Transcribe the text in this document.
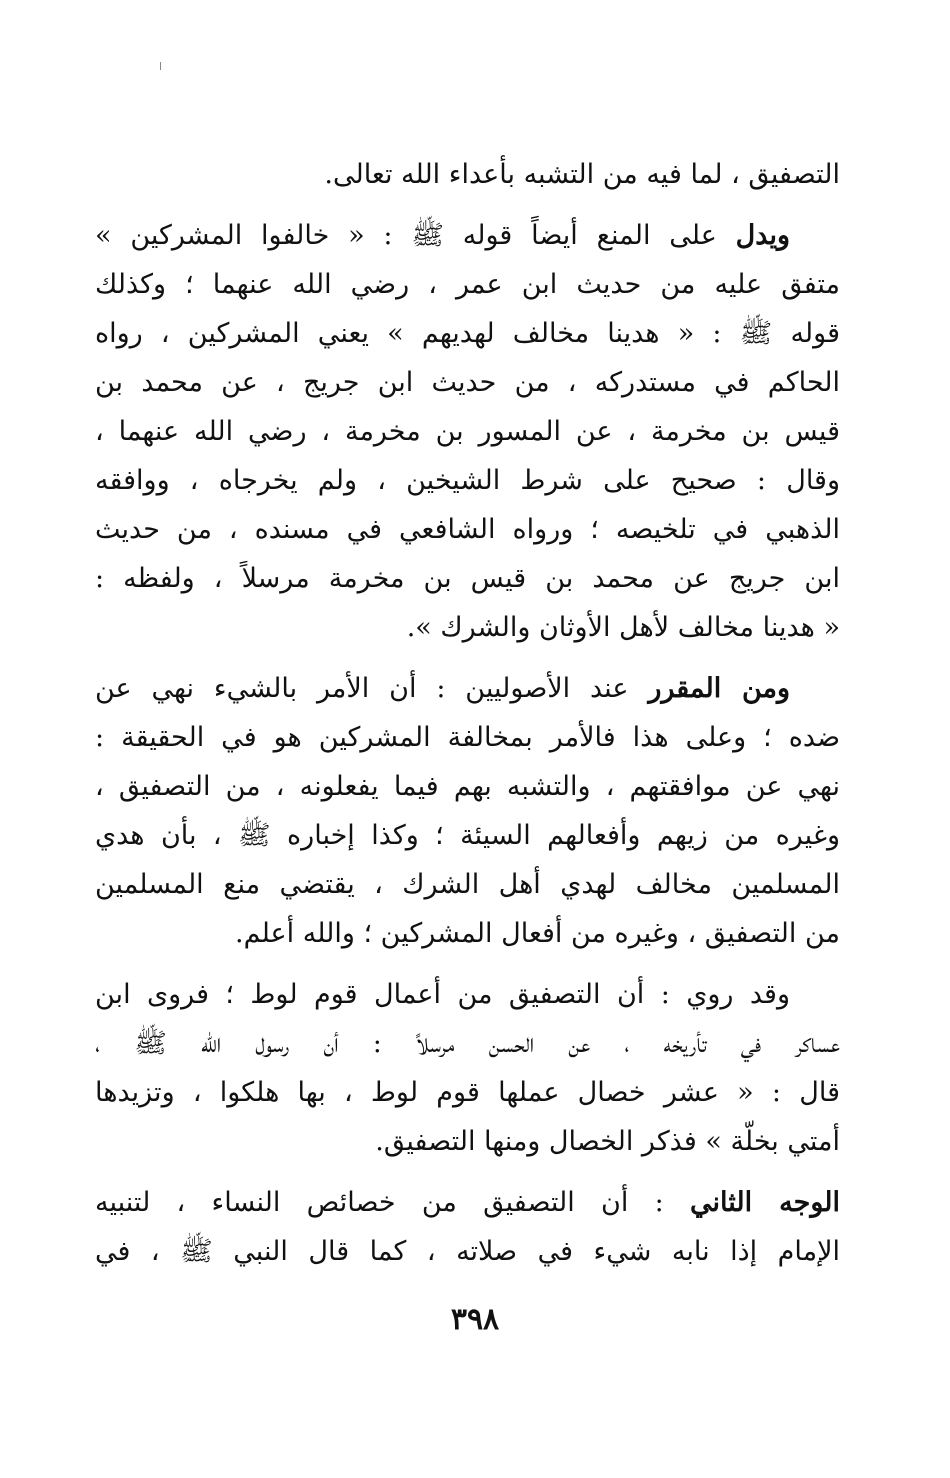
التصفيق ، لما فيه من التشبه بأعداء الله تعالى.
ويدل على المنع أيضاً قوله ﷺ : « خالفوا المشركين »
متفق عليه من حديث ابن عمر ، رضي الله عنهما ؛ وكذلك
قوله ﷺ : « هدينا مخالف لهديهم » يعني المشركين ، رواه
الحاكم في مستدركه ، من حديث ابن جريج ، عن محمد بن
قيس بن مخرمة ، عن المسور بن مخرمة ، رضي الله عنهما ،
وقال : صحيح على شرط الشيخين ، ولم يخرجاه ، ووافقه
الذهبي في تلخيصه ؛ ورواه الشافعي في مسنده ، من حديث
ابن جريج عن محمد بن قيس بن مخرمة مرسلاً ، ولفظه :
« هدينا مخالف لأهل الأوثان والشرك ».
ومن المقرر عند الأصوليين : أن الأمر بالشيء نهي عن
ضده ؛ وعلى هذا فالأمر بمخالفة المشركين هو في الحقيقة :
نهي عن موافقتهم ، والتشبه بهم فيما يفعلونه ، من التصفيق ،
وغيره من زيهم وأفعالهم السيئة ؛ وكذا إخباره ﷺ ، بأن هدي
المسلمين مخالف لهدي أهل الشرك ، يقتضي منع المسلمين
من التصفيق ، وغيره من أفعال المشركين ؛ والله أعلم.
وقد روي : أن التصفيق من أعمال قوم لوط ؛ فروى ابن
عساكر في تأريخه ، عن الحسن مرسلاً : أن رسول الله ﷺ ،
قال : « عشر خصال عملها قوم لوط ، بها هلكوا ، وتزيدها
أمتي بخلّة » فذكر الخصال ومنها التصفيق.
الوجه الثاني : أن التصفيق من خصائص النساء ، لتنبيه
الإمام إذا نابه شيء في صلاته ، كما قال النبي ﷺ ، في
٣٩٨
